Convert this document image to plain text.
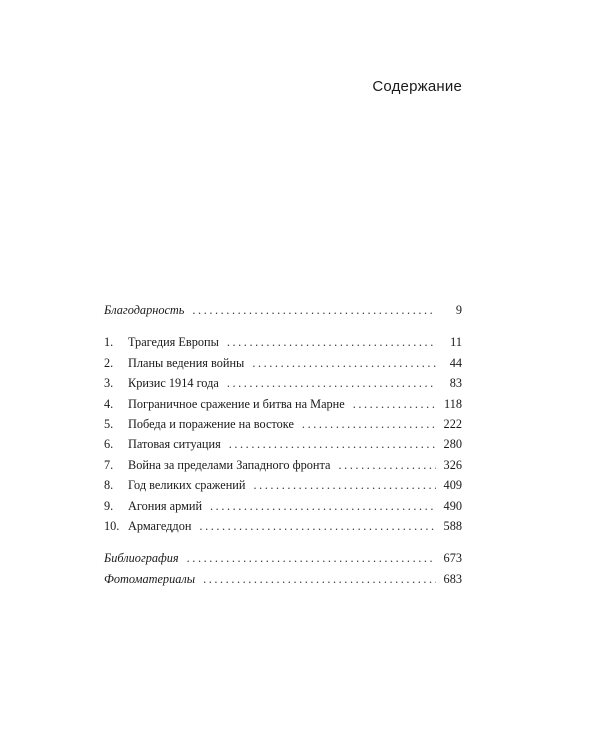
Содержание
Благодарность . . .	9
1.	Трагедия Европы . . .	11
2.	Планы ведения войны . . .	44
3.	Кризис 1914 года . . .	83
4.	Пограничное сражение и битва на Марне . . .	118
5.	Победа и поражение на востоке . . .	222
6.	Патовая ситуация . . .	280
7.	Война за пределами Западного фронта . . .	326
8.	Год великих сражений . . .	409
9.	Агония армий . . .	490
10. Армагеддон . . .	588
Библиография . . .	673
Фотоматериалы . . .	683
